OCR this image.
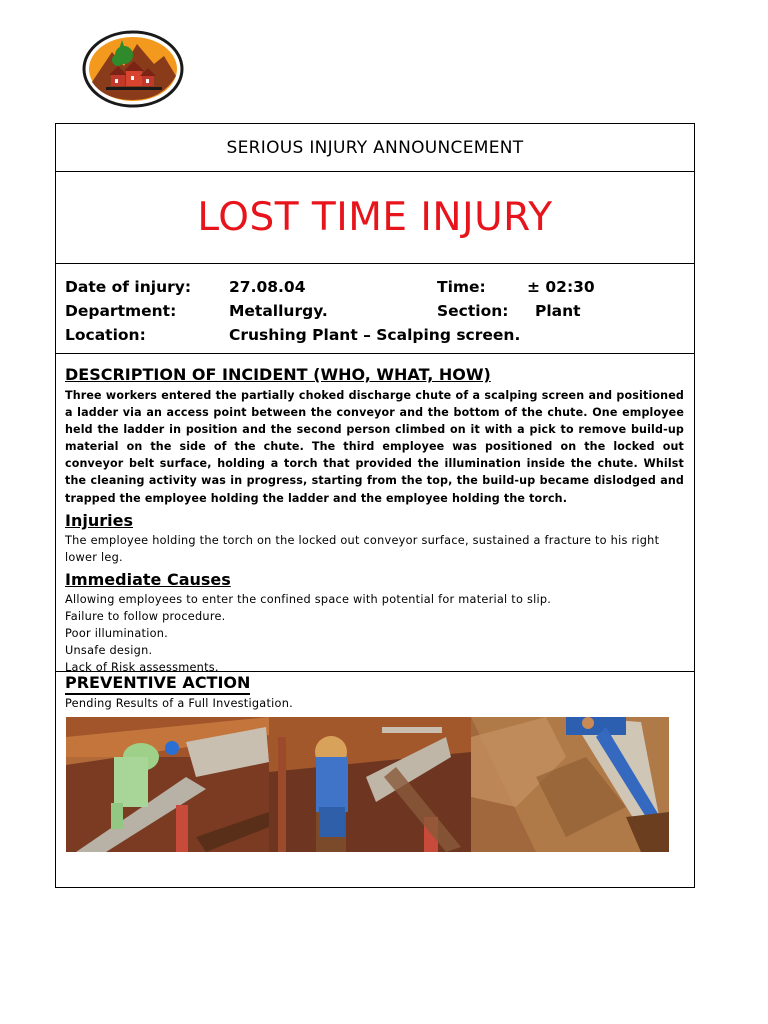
SERIOUS INJURY ANNOUNCEMENT
LOST TIME INJURY
Date of injury: 27.08.04	Time:	± 02:30
Department:	Metallurgy.	Section: Plant
Location:	Crushing Plant – Scalping screen.
DESCRIPTION OF INCIDENT (WHO, WHAT, HOW)

Three workers entered the partially choked discharge chute of a scalping screen and positioned a ladder via an access point between the conveyor and the bottom of the chute. One employee held the ladder in position and the second person climbed on it with a pick to remove build-up material on the side of the chute. The third employee was positioned on the locked out conveyor belt surface, holding a torch that provided the illumination inside the chute. Whilst the cleaning activity was in progress, starting from the top, the build-up became dislodged and trapped the employee holding the ladder and the employee holding the torch.

Injuries

The employee holding the torch on the locked out conveyor surface, sustained a fracture to his right lower leg.

Immediate Causes

Allowing employees to enter the confined space with potential for material to slip.

Failure to follow procedure.

Poor illumination.

Unsafe design.

Lack of Risk assessments.

PREVENTIVE ACTION

Pending Results of a Full Investigation.
